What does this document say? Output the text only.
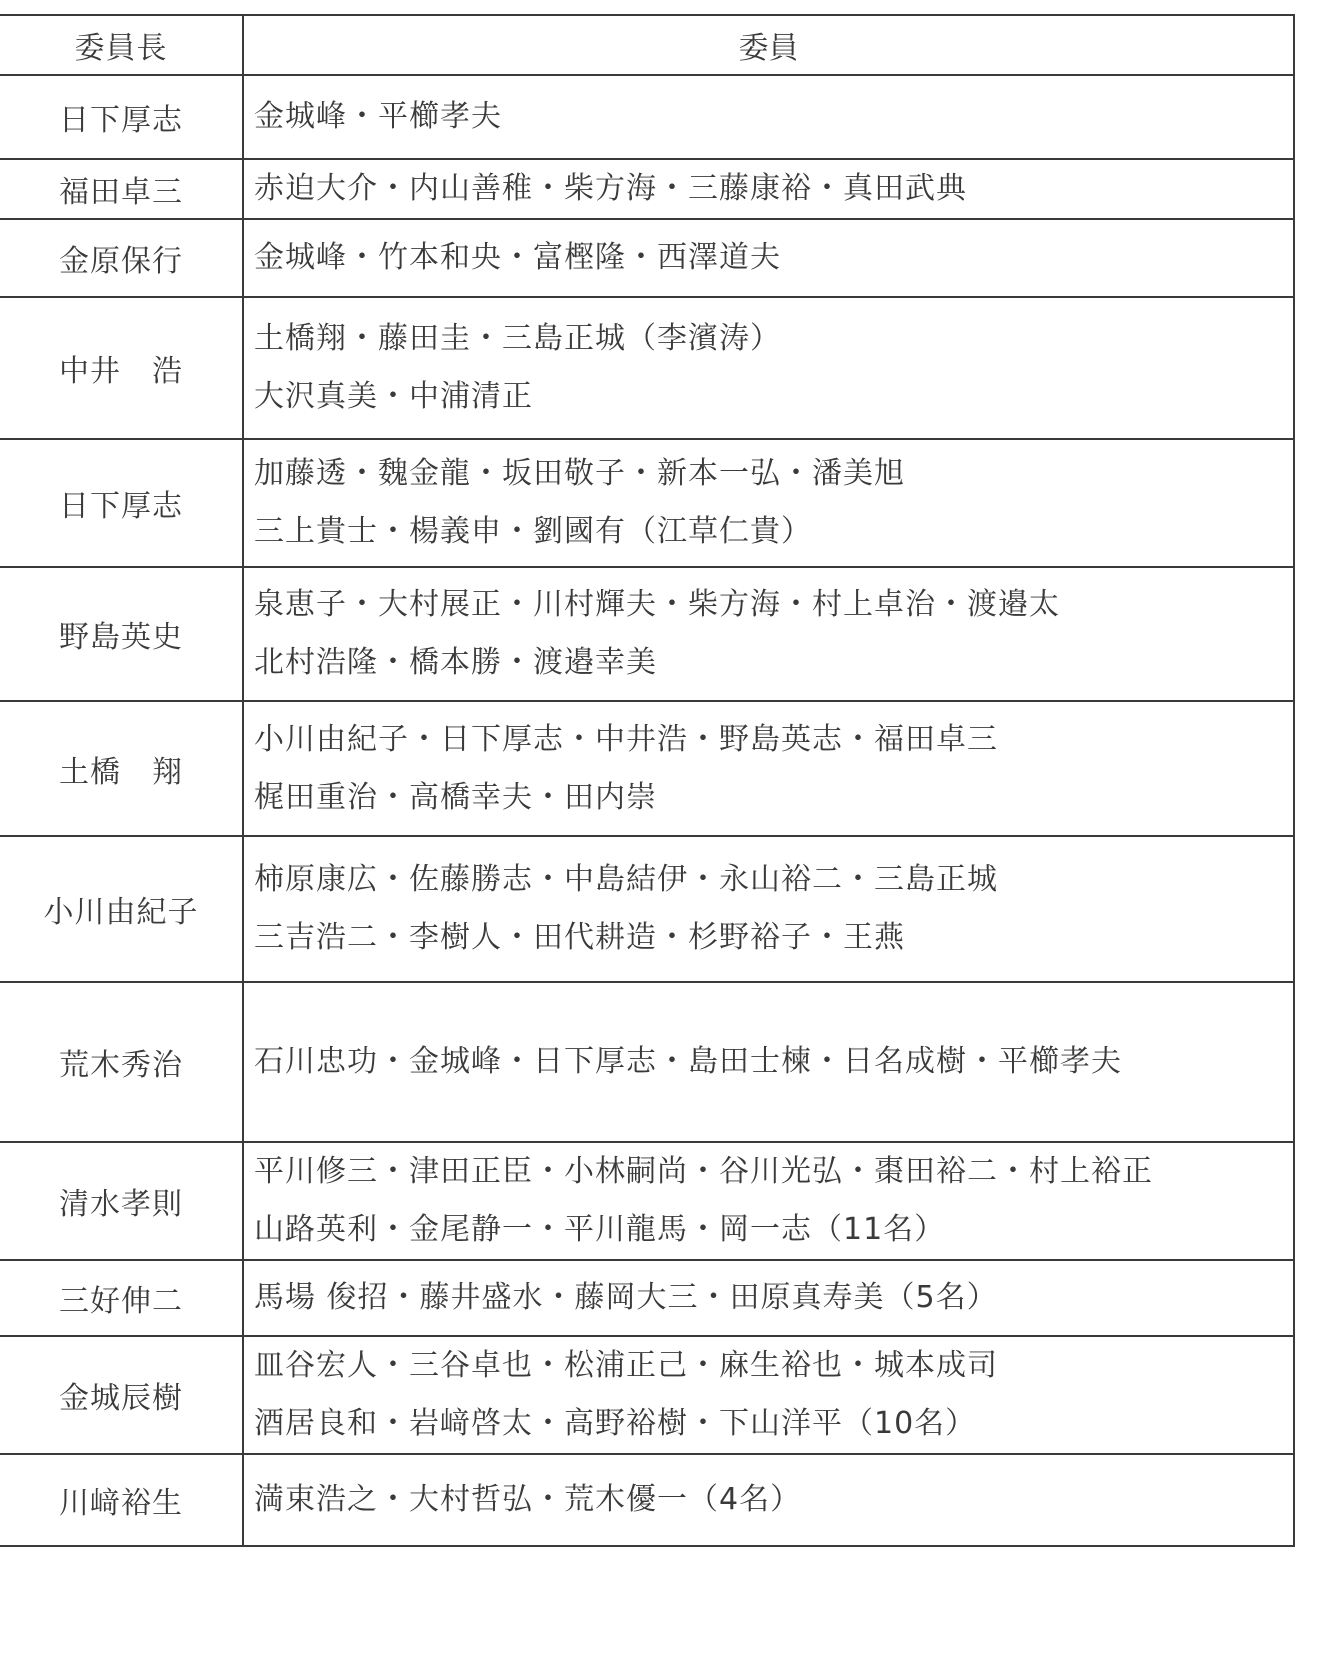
委員長	委員
日下厚志	金城峰・平櫛孝夫

福田卓三	赤迫大介・内山善稚・柴方海・三藤康裕・真田武典

金原保行	金城峰・竹本和央・富樫隆・西澤道夫

中井　浩	土橋翔・藤田圭・三島正城（李濱涛）
大沢真美・中浦清正

日下厚志	加藤透・魏金龍・坂田敬子・新本一弘・潘美旭
三上貴士・楊義申・劉國有（江草仁貴）

野島英史	泉恵子・大村展正・川村輝夫・柴方海・村上卓治・渡邉太
北村浩隆・橋本勝・渡邉幸美

土橋　翔	小川由紀子・日下厚志・中井浩・野島英志・福田卓三
梶田重治・高橋幸夫・田内崇

小川由紀子	柿原康広・佐藤勝志・中島結伊・永山裕二・三島正城
三吉浩二・李樹人・田代耕造・杉野裕子・王燕

荒木秀治	石川忠功・金城峰・日下厚志・島田士楝・日名成樹・平櫛孝夫

清水孝則	平川修三・津田正臣・小林嗣尚・谷川光弘・棗田裕二・村上裕正
山路英利・金尾静一・平川龍馬・岡一志（11名）

三好伸二	馬場 俊招・藤井盛水・藤岡大三・田原真寿美（5名）

金城辰樹	皿谷宏人・三谷卓也・松浦正己・麻生裕也・城本成司
酒居良和・岩﨑啓太・高野裕樹・下山洋平（10名）

川﨑裕生	満束浩之・大村哲弘・荒木優一（4名）
